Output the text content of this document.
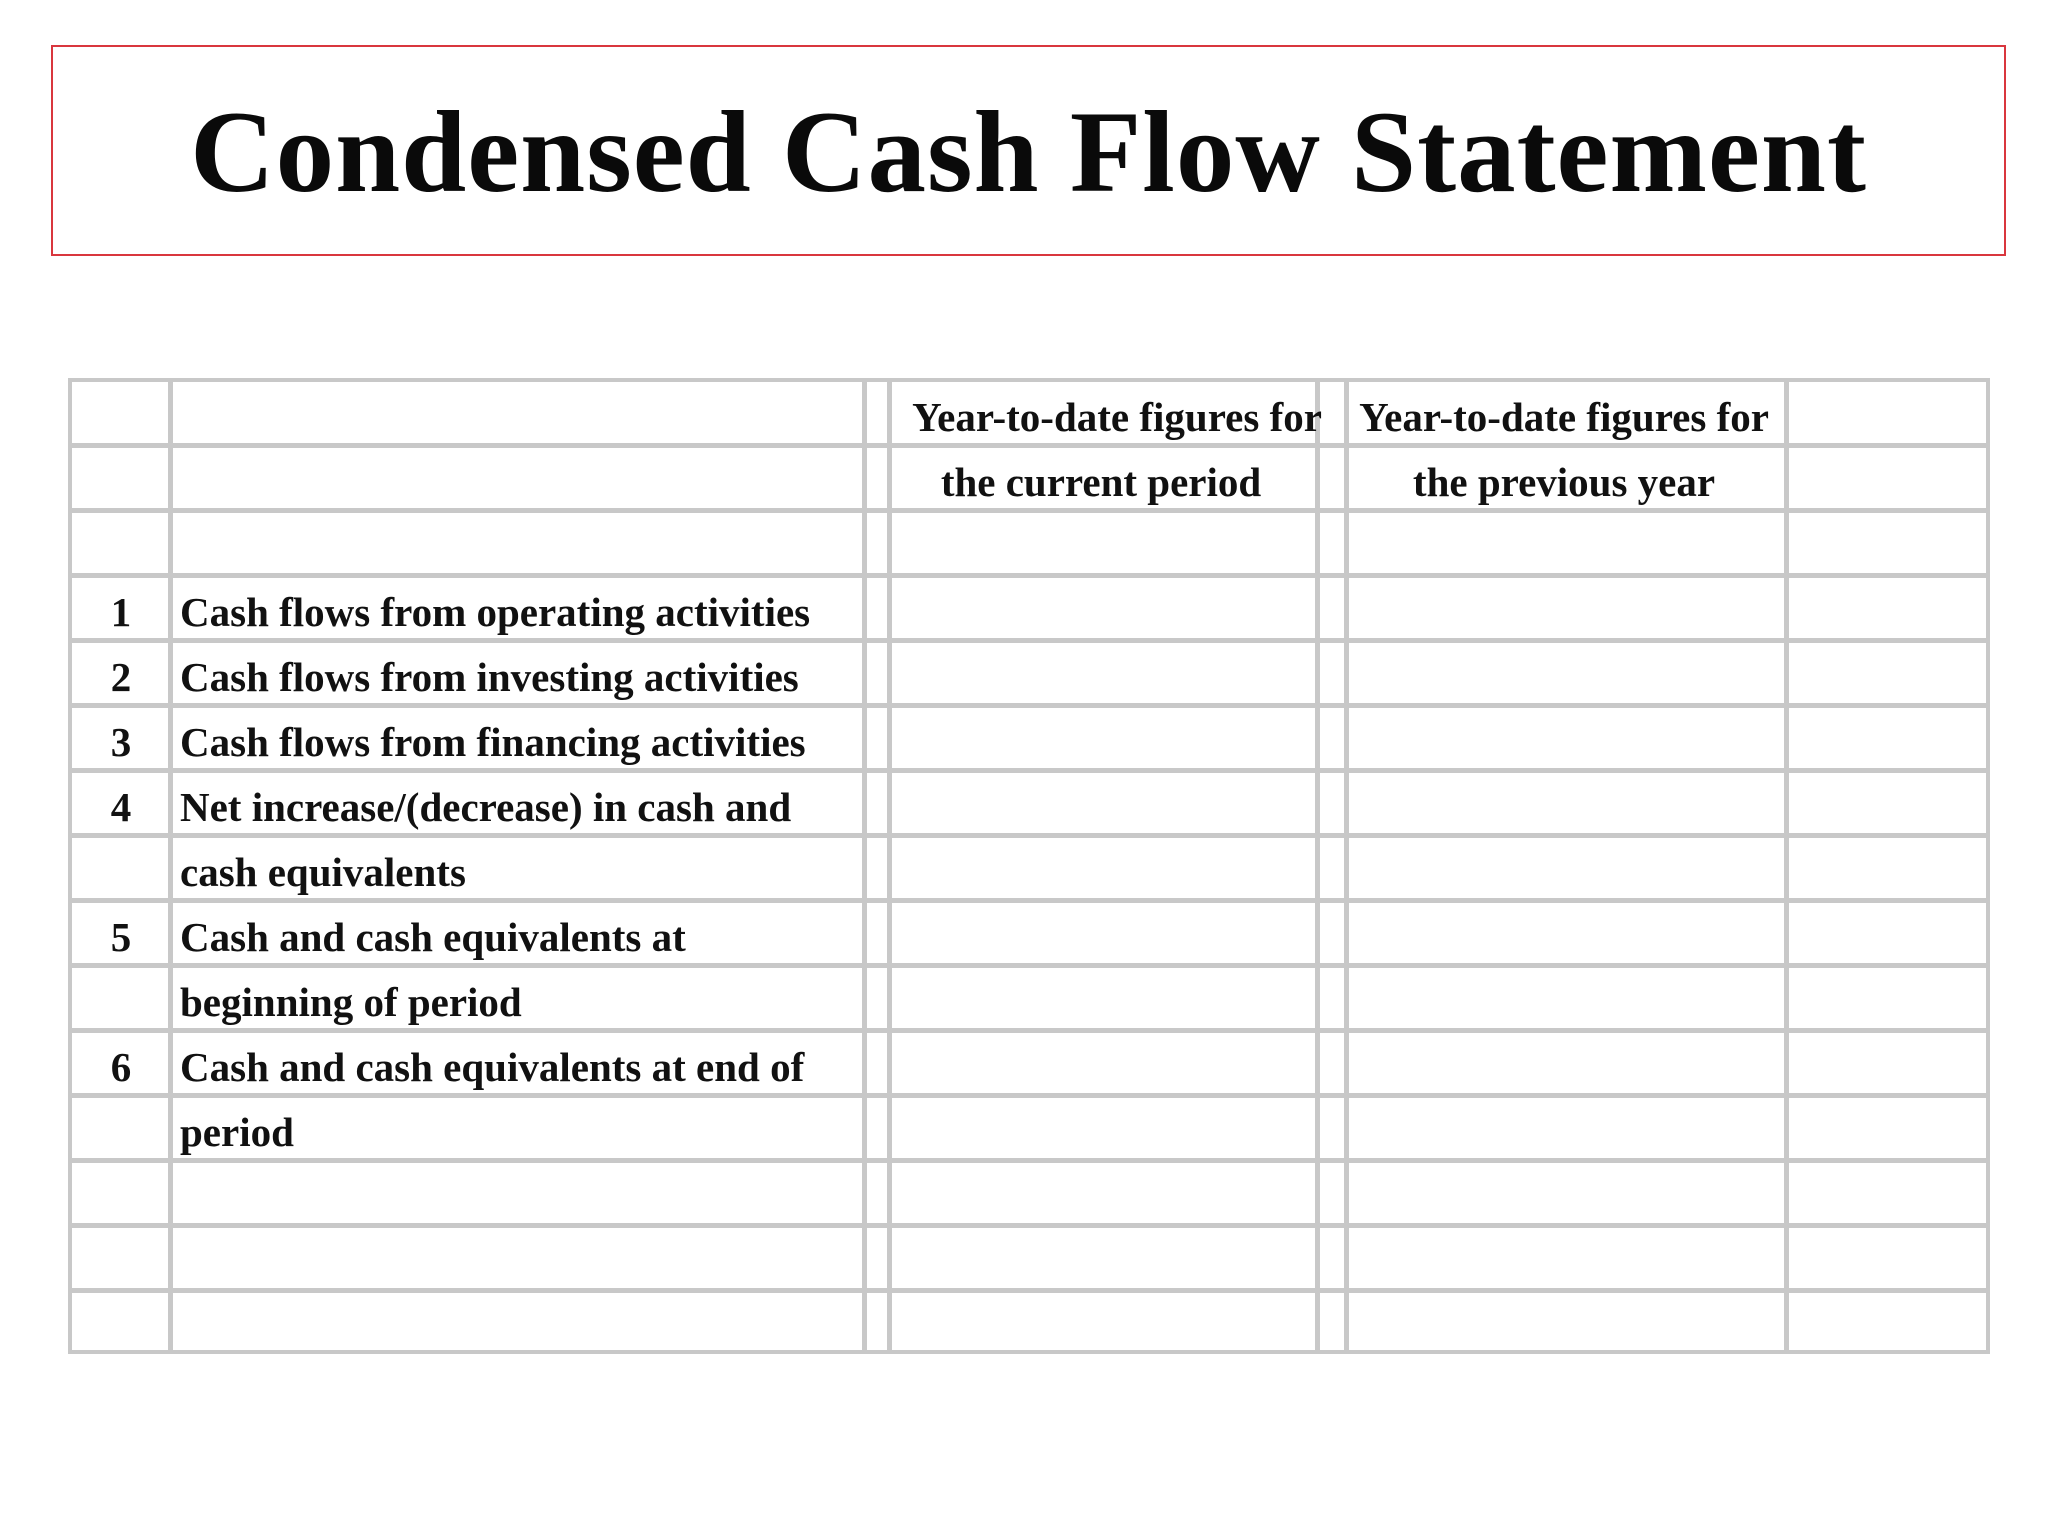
Condensed Cash Flow Statement
Year-to-date figures for
the current period
Year-to-date figures for
the previous year
1
2
3
4
5
6
Cash flows from operating activities
Cash flows from investing activities
Cash flows from financing activities
Net increase/(decrease) in cash and
cash equivalents
Cash and cash equivalents at
beginning of period
Cash and cash equivalents at end of
period
